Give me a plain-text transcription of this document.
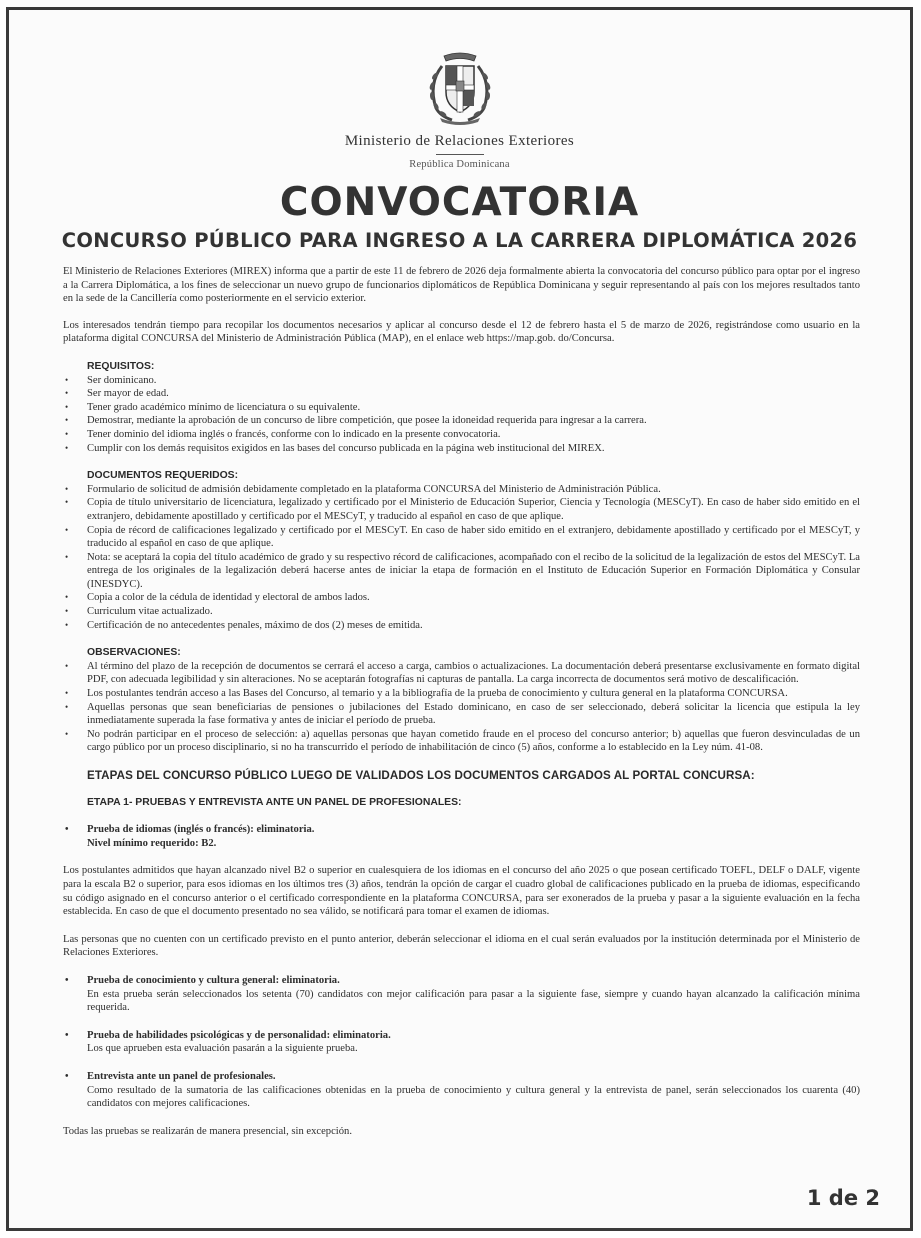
Ministerio de Relaciones Exteriores
República Dominicana
CONVOCATORIA
CONCURSO PÚBLICO PARA INGRESO A LA CARRERA DIPLOMÁTICA 2026

El Ministerio de Relaciones Exteriores (MIREX) informa que a partir de este 11 de febrero de 2026 deja formalmente abierta la convocatoria del concurso público para optar por el ingreso a la Carrera Diplomática, a los fines de seleccionar un nuevo grupo de funcionarios diplomáticos de República Dominicana y seguir representando al país con los mejores resultados tanto en la sede de la Cancillería como posteriormente en el servicio exterior.

Los interesados tendrán tiempo para recopilar los documentos necesarios y aplicar al concurso desde el 12 de febrero hasta el 5 de marzo de 2026, registrándose como usuario en la plataforma digital CONCURSA del Ministerio de Administración Pública (MAP), en el enlace web https://map.gob. do/Concursa.

REQUISITOS:
• Ser dominicano.
• Ser mayor de edad.
• Tener grado académico mínimo de licenciatura o su equivalente.
• Demostrar, mediante la aprobación de un concurso de libre competición, que posee la idoneidad requerida para ingresar a la carrera.
• Tener dominio del idioma inglés o francés, conforme con lo indicado en la presente convocatoria.
• Cumplir con los demás requisitos exigidos en las bases del concurso publicada en la página web institucional del MIREX.
DOCUMENTOS REQUERIDOS:
• Formulario de solicitud de admisión debidamente completado en la plataforma CONCURSA del Ministerio de Administración Pública.
• Copia de título universitario de licenciatura, legalizado y certificado por el Ministerio de Educación Superior, Ciencia y Tecnología (MESCyT). En caso de haber sido emitido en el extranjero, debidamente apostillado y certificado por el MESCyT, y traducido al español en caso de que aplique.
• Copia de récord de calificaciones legalizado y certificado por el MESCyT. En caso de haber sido emitido en el extranjero, debidamente apostillado y certificado por el MESCyT, y traducido al español en caso de que aplique.
• Nota: se aceptará la copia del título académico de grado y su respectivo récord de calificaciones, acompañado con el recibo de la solicitud de la legalización de estos del MESCyT. La entrega de los originales de la legalización deberá hacerse antes de iniciar la etapa de formación en el Instituto de Educación Superior en Formación Diplomática y Consular (INESDYC).
• Copia a color de la cédula de identidad y electoral de ambos lados.
• Curriculum vitae actualizado.
• Certificación de no antecedentes penales, máximo de dos (2) meses de emitida.
OBSERVACIONES:
• Al término del plazo de la recepción de documentos se cerrará el acceso a carga, cambios o actualizaciones. La documentación deberá presentarse exclusivamente en formato digital PDF, con adecuada legibilidad y sin alteraciones. No se aceptarán fotografías ni capturas de pantalla. La carga incorrecta de documentos será motivo de descalificación.
• Los postulantes tendrán acceso a las Bases del Concurso, al temario y a la bibliografía de la prueba de conocimiento y cultura general en la plataforma CONCURSA.
• Aquellas personas que sean beneficiarias de pensiones o jubilaciones del Estado dominicano, en caso de ser seleccionado, deberá solicitar la licencia que estipula la ley inmediatamente superada la fase formativa y antes de iniciar el período de prueba.
• No podrán participar en el proceso de selección: a) aquellas personas que hayan cometido fraude en el proceso del concurso anterior; b) aquellas que fueron desvinculadas de un cargo público por un proceso disciplinario, si no ha transcurrido el período de inhabilitación de cinco (5) años, conforme a lo establecido en la Ley núm. 41-08.
ETAPAS DEL CONCURSO PÚBLICO LUEGO DE VALIDADOS LOS DOCUMENTOS CARGADOS AL PORTAL CONCURSA:
ETAPA 1- PRUEBAS Y ENTREVISTA ANTE UN PANEL DE PROFESIONALES:
• Prueba de idiomas (inglés o francés): eliminatoria.
Nivel mínimo requerido: B2.

Los postulantes admitidos que hayan alcanzado nivel B2 o superior en cualesquiera de los idiomas en el concurso del año 2025 o que posean certificado TOEFL, DELF o DALF, vigente para la escala B2 o superior, para esos idiomas en los últimos tres (3) años, tendrán la opción de cargar el cuadro global de calificaciones publicado en la prueba de idiomas, especificando su código asignado en el concurso anterior o el certificado correspondiente en la plataforma CONCURSA, para ser exonerados de la prueba y pasar a la siguiente evaluación en la fecha establecida. En caso de que el documento presentado no sea válido, se notificará para tomar el examen de idiomas.

Las personas que no cuenten con un certificado previsto en el punto anterior, deberán seleccionar el idioma en el cual serán evaluados por la institución determinada por el Ministerio de Relaciones Exteriores.

• Prueba de conocimiento y cultura general: eliminatoria.
En esta prueba serán seleccionados los setenta (70) candidatos con mejor calificación para pasar a la siguiente fase, siempre y cuando hayan alcanzado la calificación mínima requerida.
• Prueba de habilidades psicológicas y de personalidad: eliminatoria.
Los que aprueben esta evaluación pasarán a la siguiente prueba.
• Entrevista ante un panel de profesionales.
Como resultado de la sumatoria de las calificaciones obtenidas en la prueba de conocimiento y cultura general y la entrevista de panel, serán seleccionados los cuarenta (40) candidatos con mejores calificaciones.

Todas las pruebas se realizarán de manera presencial, sin excepción.

1 de 2
